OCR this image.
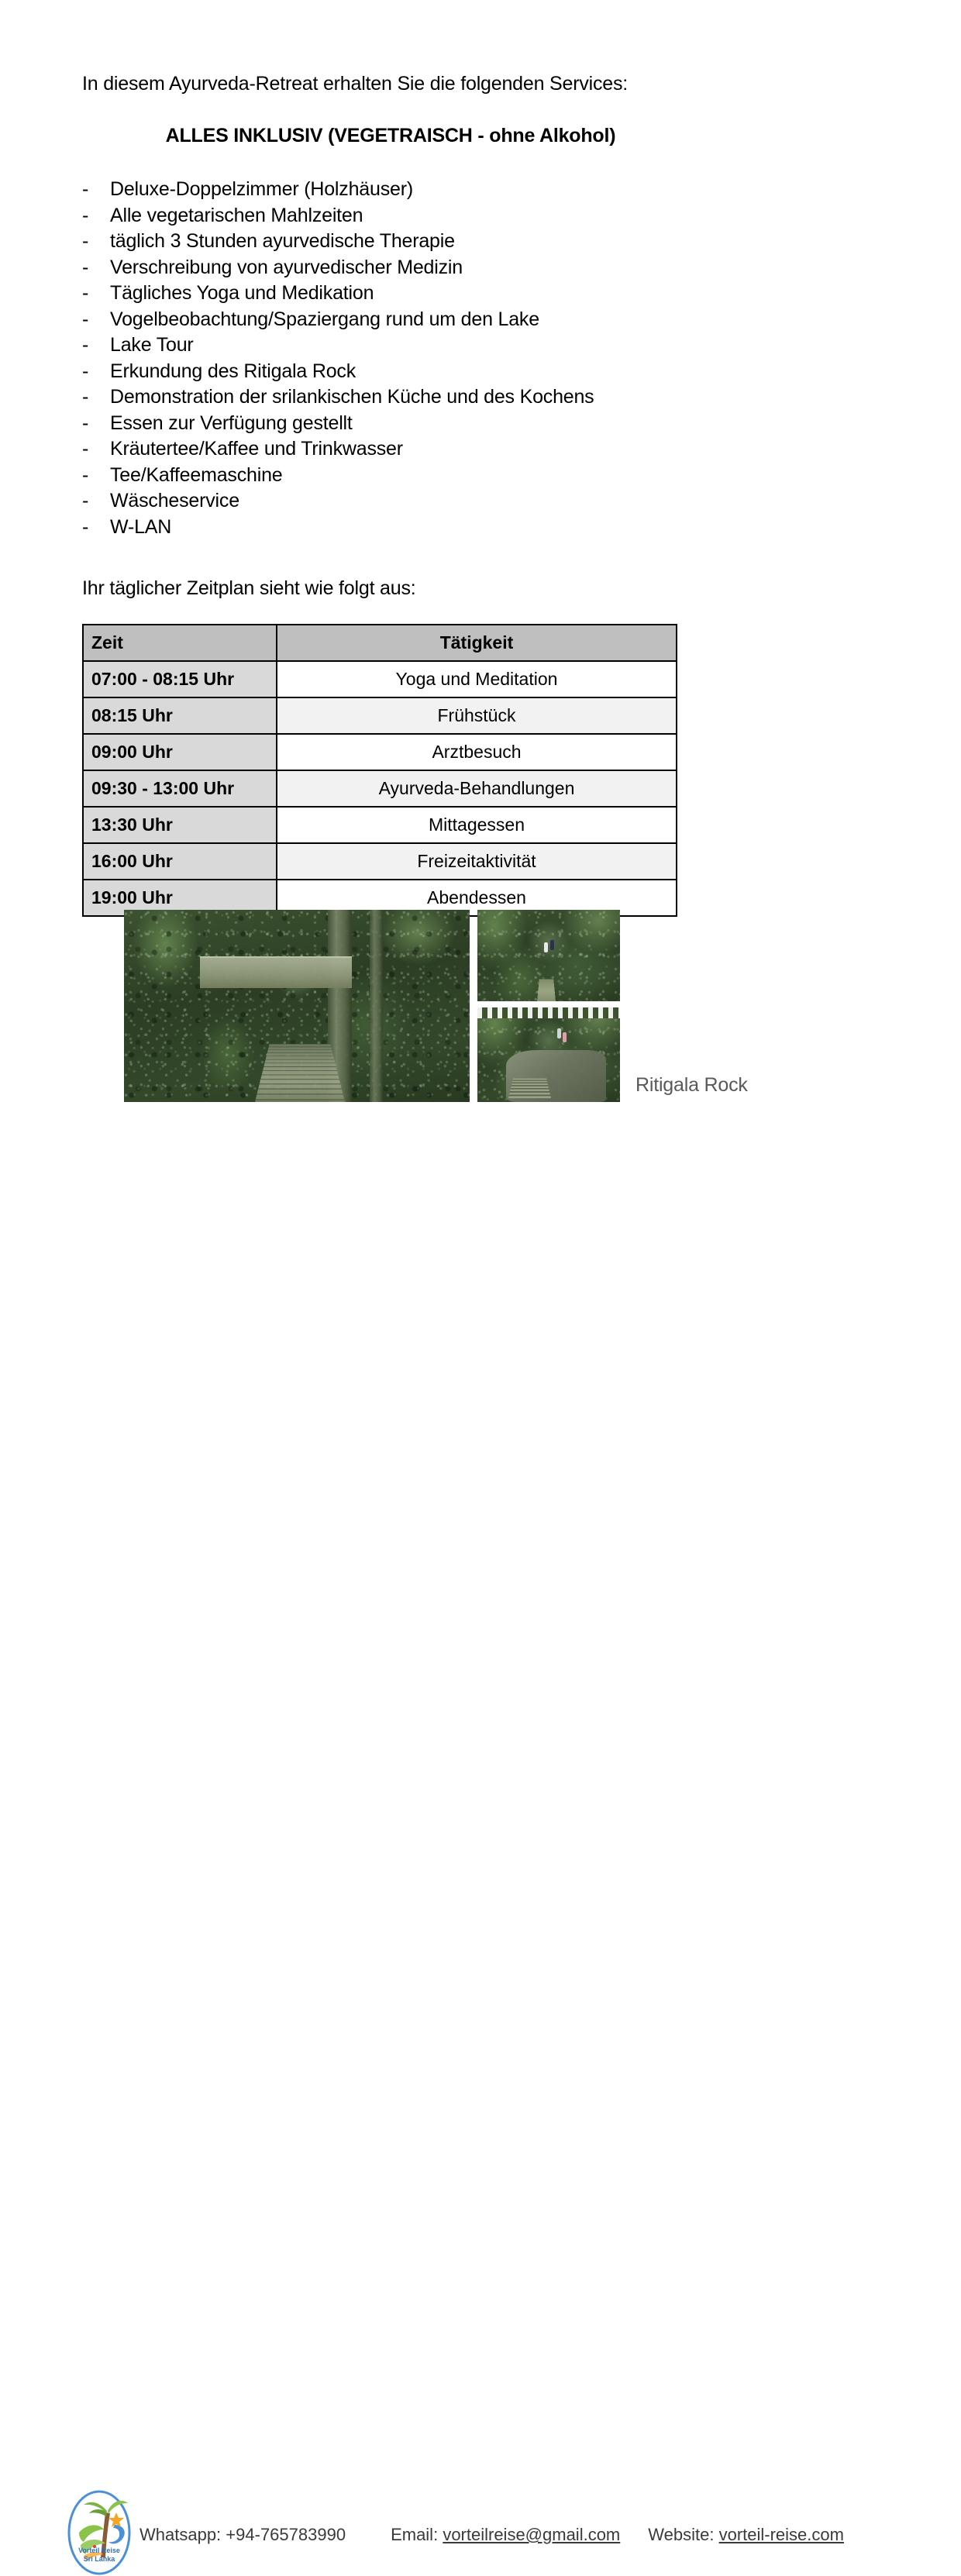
In diesem Ayurveda-Retreat erhalten Sie die folgenden Services:
ALLES INKLUSIV (VEGETRAISCH - ohne Alkohol)
-	Deluxe-Doppelzimmer (Holzhäuser)
-	Alle vegetarischen Mahlzeiten
-	täglich 3 Stunden ayurvedische Therapie
-	Verschreibung von ayurvedischer Medizin
-	Tägliches Yoga und Medikation
-	Vogelbeobachtung/Spaziergang rund um den Lake
-	Lake Tour
-	Erkundung des Ritigala Rock
-	Demonstration der srilankischen Küche und des Kochens
-	Essen zur Verfügung gestellt
-	Kräutertee/Kaffee und Trinkwasser
-	Tee/Kaffeemaschine
-	Wäscheservice
-	W-LAN
Ihr täglicher Zeitplan sieht wie folgt aus:
Zeit	Tätigkeit
07:00 - 08:15 Uhr	Yoga und Meditation
08:15 Uhr	Frühstück
09:00 Uhr	Arztbesuch
09:30 - 13:00 Uhr	Ayurveda-Behandlungen
13:30 Uhr	Mittagessen
16:00 Uhr	Freizeitaktivität
19:00 Uhr	Abendessen
Ritigala Rock
Vorteil Reise
Sri Lanka
Whatsapp: +94-765783990	Email: vorteilreise@gmail.com Website: vorteil-reise.com
